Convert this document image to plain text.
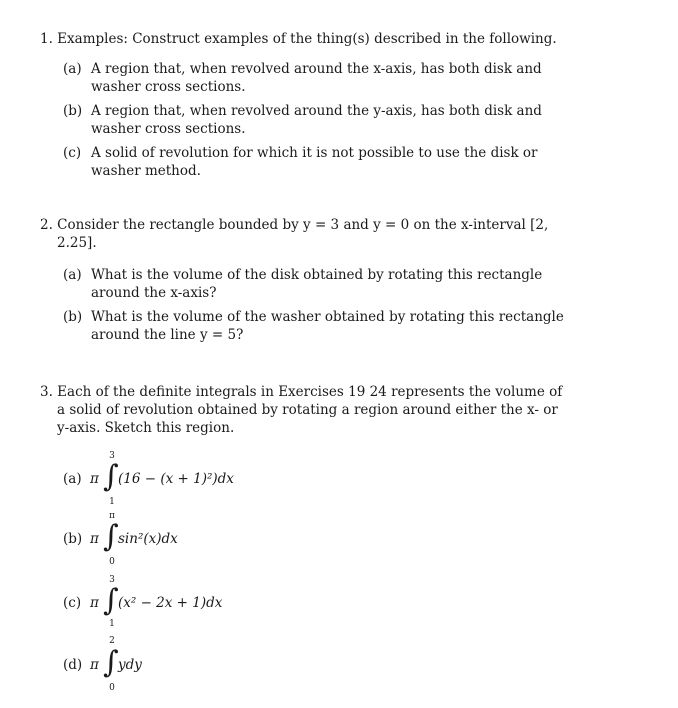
1. Examples: Construct examples of the thing(s) described in the following.
(a) A region that, when revolved around the x-axis, has both disk and
washer cross sections.
(b) A region that, when revolved around the y-axis, has both disk and
washer cross sections.
(c) A solid of revolution for which it is not possible to use the disk or
washer method.
2. Consider the rectangle bounded by y = 3 and y = 0 on the x-interval [2,
2.25].
(a) What is the volume of the disk obtained by rotating this rectangle
around the x-axis?
(b) What is the volume of the washer obtained by rotating this rectangle
around the line y = 5?
3. Each of the definite integrals in Exercises 19 24 represents the volume of
a solid of revolution obtained by rotating a region around either the x- or
y-axis. Sketch this region.
(a) π
3
∫
1
(16 − (x + 1)²)dx
(b) π
π
∫
0
sin²(x)dx
(c) π
3
∫
1
(x² − 2x + 1)dx
(d) π
2
∫
0
ydy
